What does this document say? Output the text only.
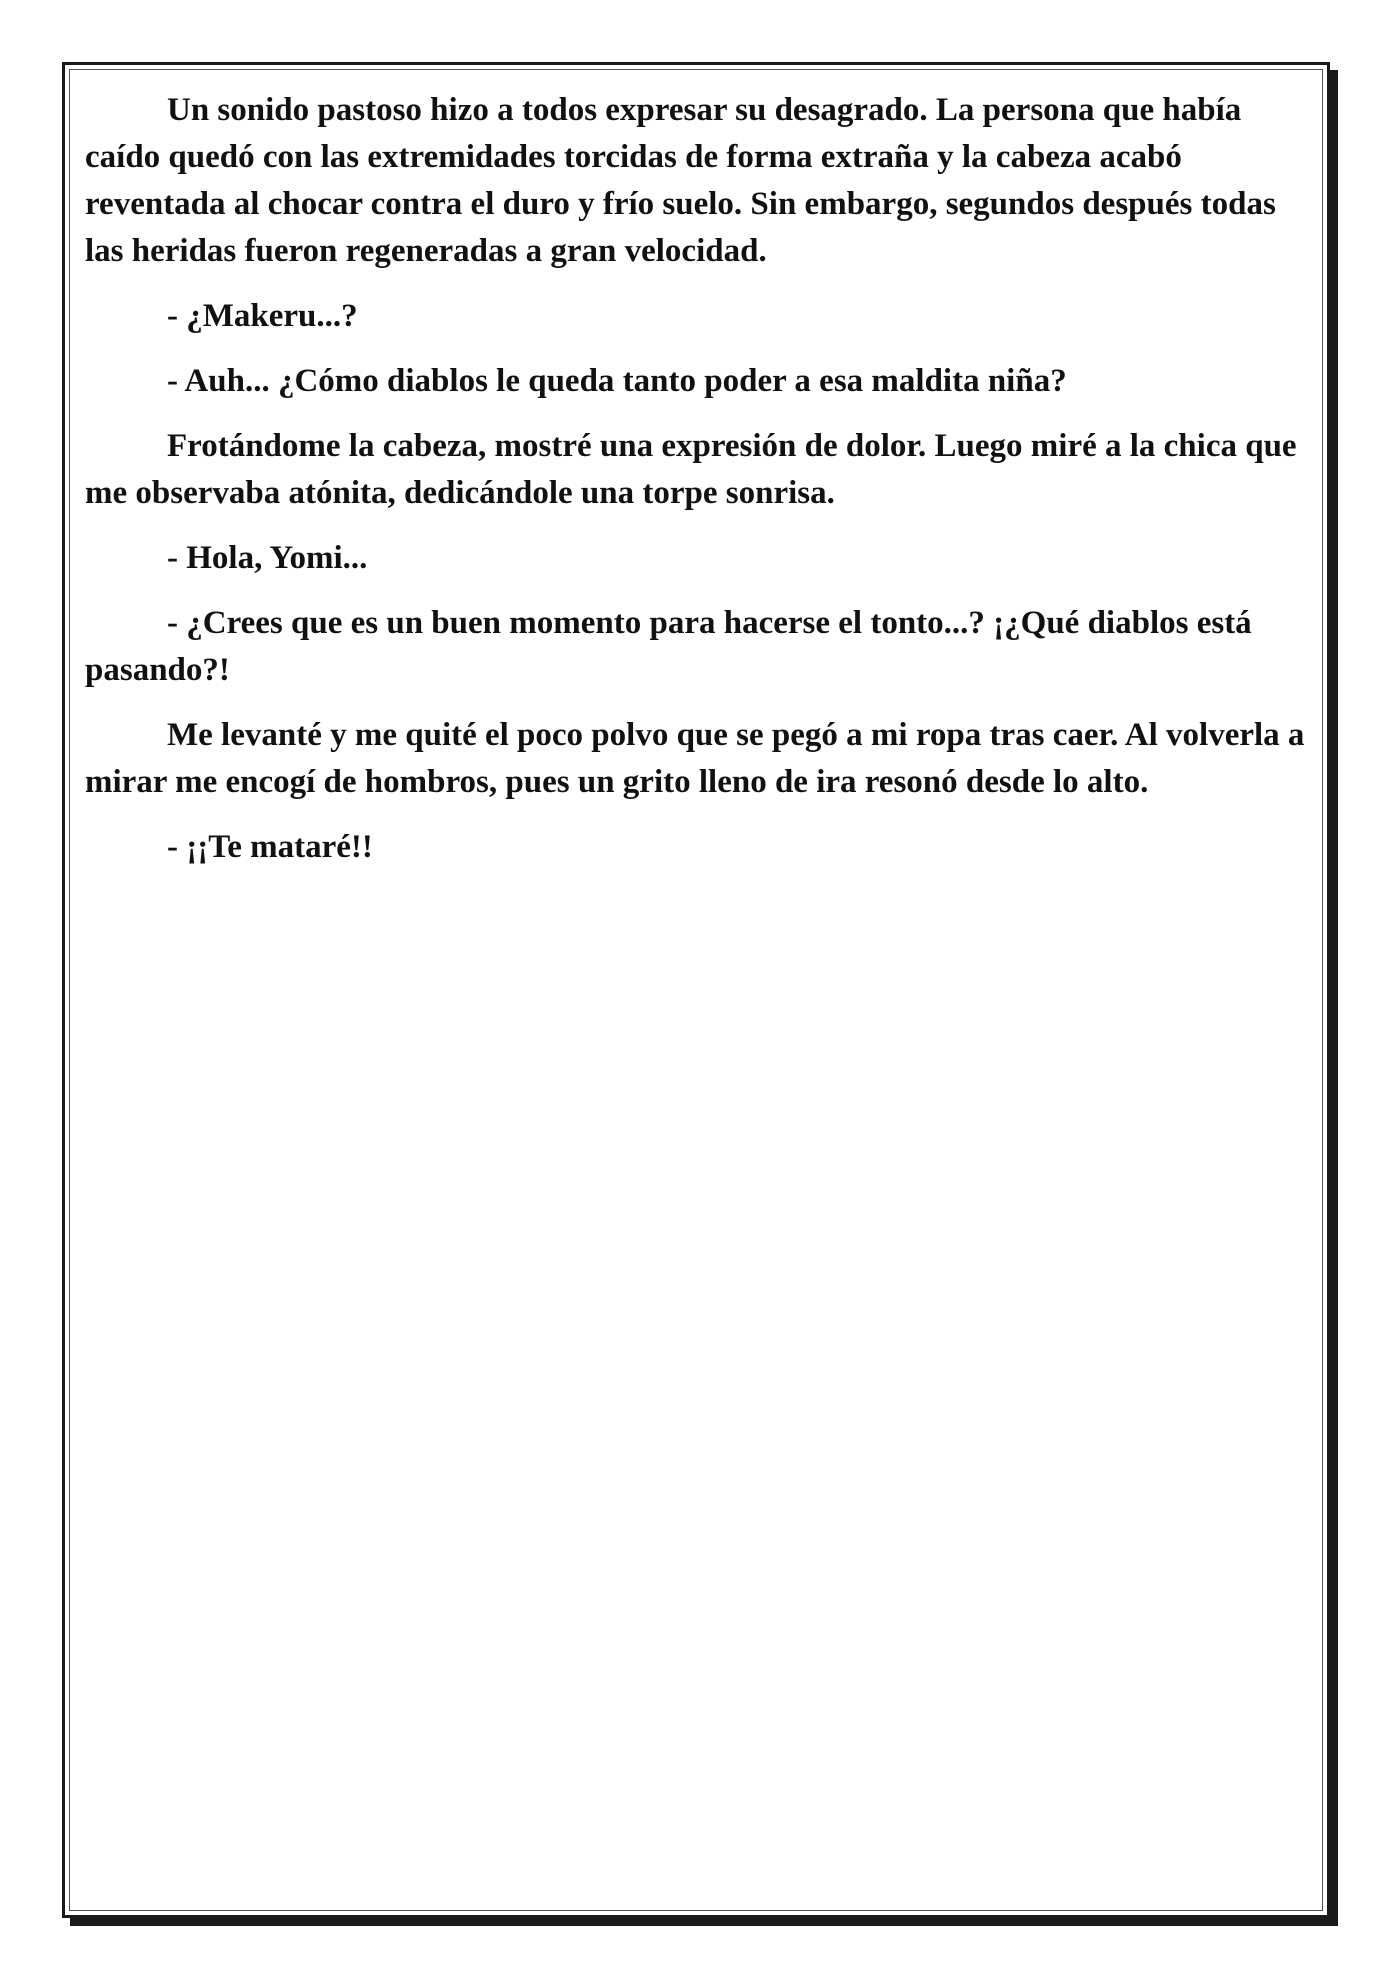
Un sonido pastoso hizo a todos expresar su desagrado. La persona que había caído quedó con las extremidades torcidas de forma extraña y la cabeza acabó reventada al chocar contra el duro y frío suelo. Sin embargo, segundos después todas las heridas fueron regeneradas a gran velocidad.

- ¿Makeru...?

- Auh... ¿Cómo diablos le queda tanto poder a esa maldita niña?

Frotándome la cabeza, mostré una expresión de dolor. Luego miré a la chica que me observaba atónita, dedicándole una torpe sonrisa.

- Hola, Yomi...

- ¿Crees que es un buen momento para hacerse el tonto...? ¡¿Qué diablos está pasando?!

Me levanté y me quité el poco polvo que se pegó a mi ropa tras caer. Al volverla a mirar me encogí de hombros, pues un grito lleno de ira resonó desde lo alto.

- ¡¡Te mataré!!
